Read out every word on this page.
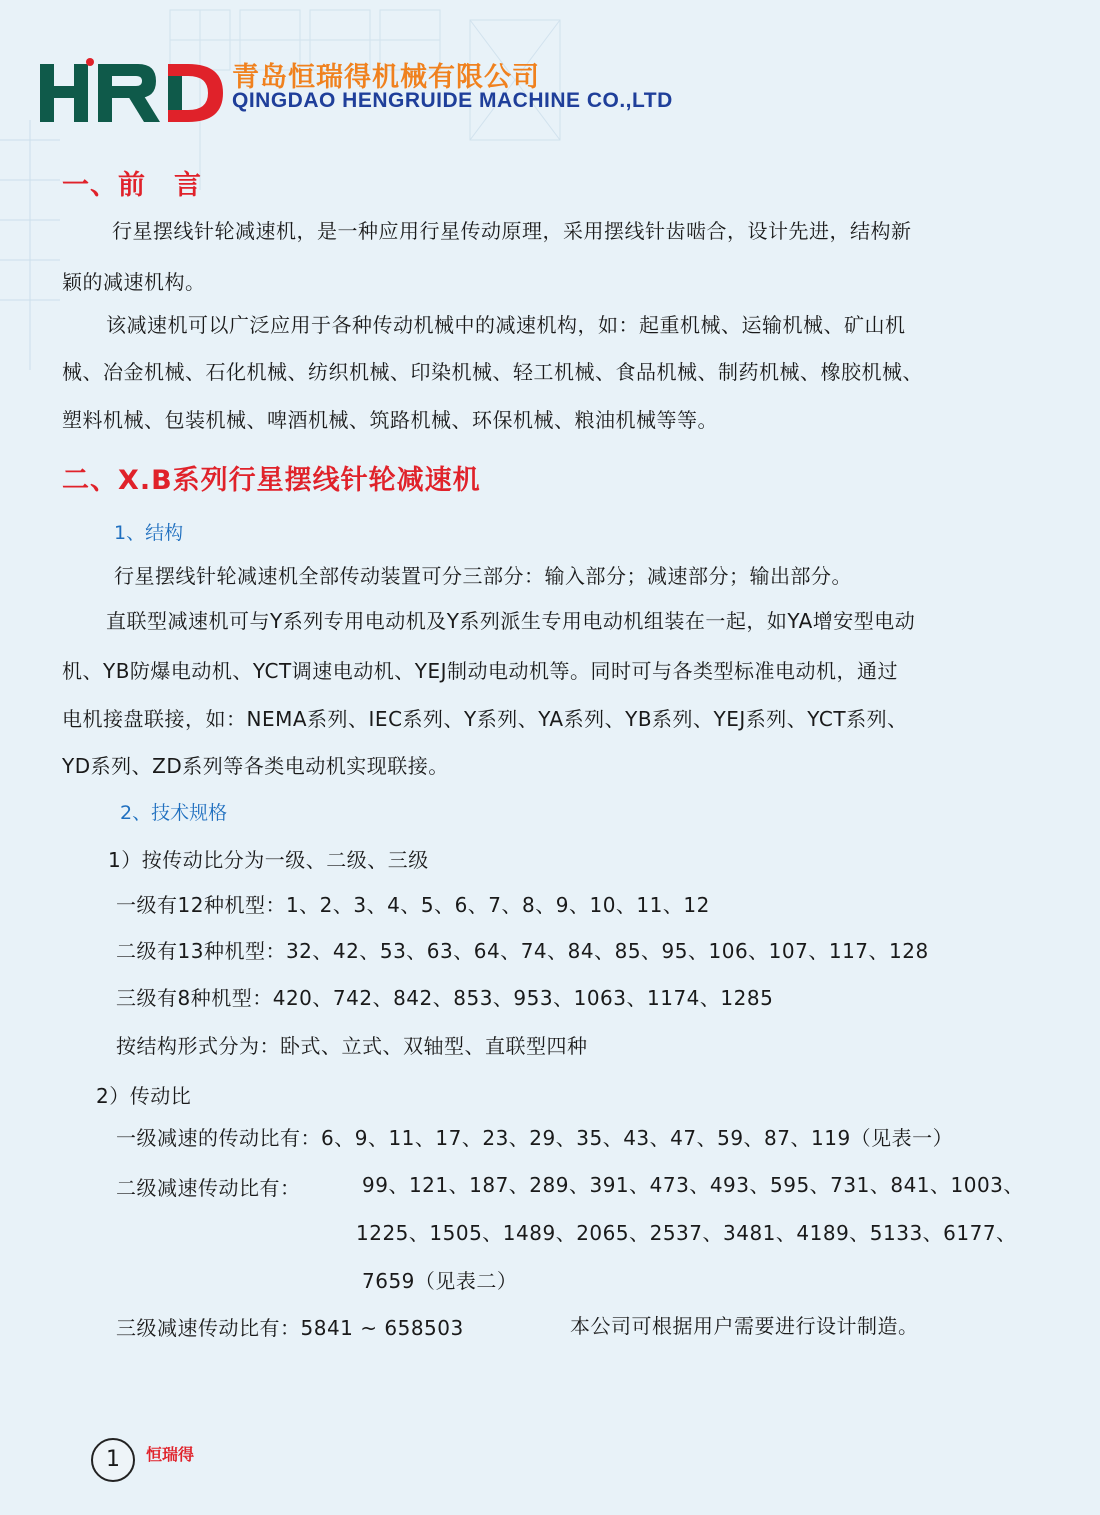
青岛恒瑞得机械有限公司
QINGDAO HENGRUIDE MACHINE CO.,LTD
一、前　言
行星摆线针轮减速机，是一种应用行星传动原理，采用摆线针齿啮合，设计先进，结构新
颖的减速机构。
该减速机可以广泛应用于各种传动机械中的减速机构，如：起重机械、运输机械、矿山机
械、冶金机械、石化机械、纺织机械、印染机械、轻工机械、食品机械、制药机械、橡胶机械、
塑料机械、包装机械、啤酒机械、筑路机械、环保机械、粮油机械等等。
二、X.B系列行星摆线针轮减速机
1、结构
行星摆线针轮减速机全部传动装置可分三部分：输入部分；减速部分；输出部分。
直联型减速机可与Y系列专用电动机及Y系列派生专用电动机组装在一起，如YA增安型电动
机、YB防爆电动机、YCT调速电动机、YEJ制动电动机等。同时可与各类型标准电动机，通过
电机接盘联接，如：NEMA系列、IEC系列、Y系列、YA系列、YB系列、YEJ系列、YCT系列、
YD系列、ZD系列等各类电动机实现联接。
2、技术规格
1）按传动比分为一级、二级、三级
一级有12种机型：1、2、3、4、5、6、7、8、9、10、11、12
二级有13种机型：32、42、53、63、64、74、84、85、95、106、107、117、128
三级有8种机型：420、742、842、853、953、1063、1174、1285
按结构形式分为：卧式、立式、双轴型、直联型四种
2）传动比
一级减速的传动比有：6、9、11、17、23、29、35、43、47、59、87、119（见表一）
二级减速传动比有：	99、121、187、289、391、473、493、595、731、841、1003、
1225、1505、1489、2065、2537、3481、4189、5133、6177、
7659（见表二）
三级减速传动比有：5841 ~ 658503	本公司可根据用户需要进行设计制造。
1	恒瑞得
